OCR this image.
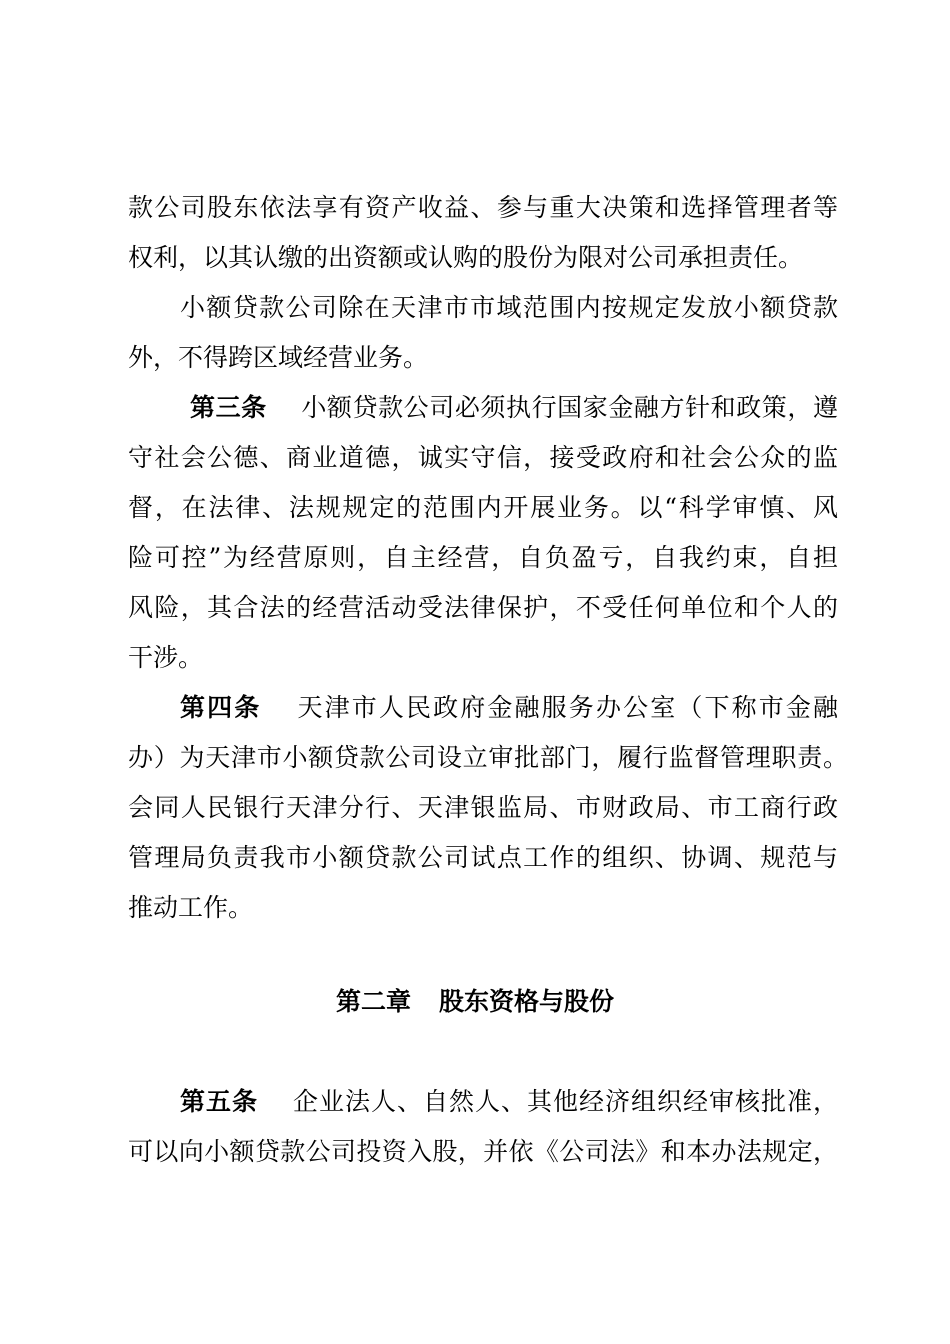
款公司股东依法享有资产收益、参与重大决策和选择管理者等
权利，以其认缴的出资额或认购的股份为限对公司承担责任。
小额贷款公司除在天津市市域范围内按规定发放小额贷款
外，不得跨区域经营业务。
第三条 小额贷款公司必须执行国家金融方针和政策，遵
守社会公德、商业道德，诚实守信，接受政府和社会公众的监
督，在法律、法规规定的范围内开展业务。以“科学审慎、风
险可控”为经营原则，自主经营，自负盈亏，自我约束，自担
风险，其合法的经营活动受法律保护，不受任何单位和个人的
干涉。
第四条 天津市人民政府金融服务办公室（下称市金融
办）为天津市小额贷款公司设立审批部门，履行监督管理职责。
会同人民银行天津分行、天津银监局、市财政局、市工商行政
管理局负责我市小额贷款公司试点工作的组织、协调、规范与
推动工作。
第二章 股东资格与股份
第五条 企业法人、自然人、其他经济组织经审核批准，
可以向小额贷款公司投资入股，并依《公司法》和本办法规定，
